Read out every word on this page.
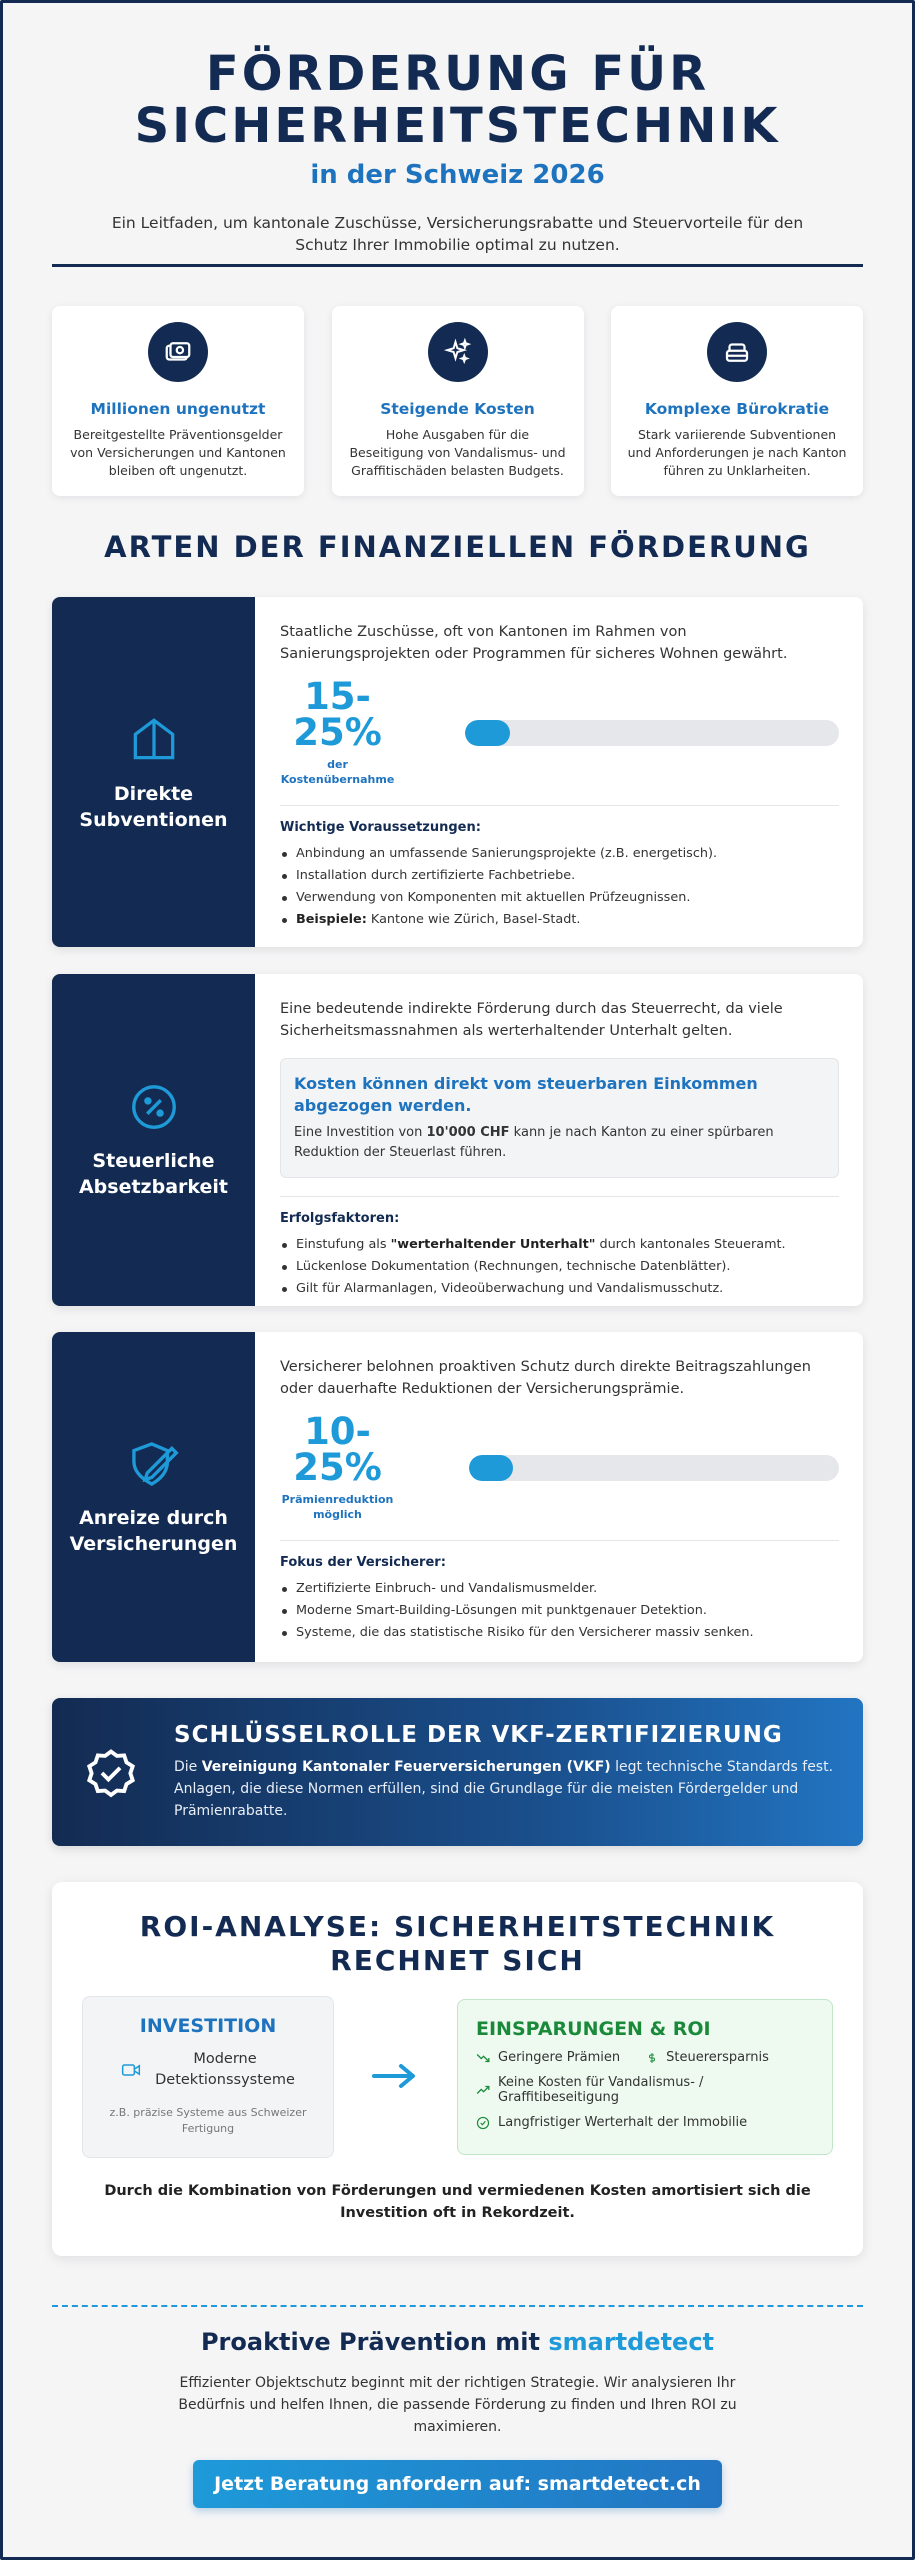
FÖRDERUNG FÜR
SICHERHEITSTECHNIK
in der Schweiz 2026
Ein Leitfaden, um kantonale Zuschüsse, Versicherungsrabatte und Steuervorteile für den Schutz Ihrer Immobilie optimal zu nutzen.
Millionen ungenutzt
Bereitgestellte Präventionsgelder von Versicherungen und Kantonen bleiben oft ungenutzt.
Steigende Kosten
Hohe Ausgaben für die Beseitigung von Vandalismus- und Graffitischäden belasten Budgets.
Komplexe Bürokratie
Stark variierende Subventionen und Anforderungen je nach Kanton führen zu Unklarheiten.
ARTEN DER FINANZIELLEN FÖRDERUNG
Direkte
Subventionen
Staatliche Zuschüsse, oft von Kantonen im Rahmen von Sanierungsprojekten oder Programmen für sicheres Wohnen gewährt.
15-
25%
der
Kostenübernahme
Wichtige Voraussetzungen:
Anbindung an umfassende Sanierungsprojekte (z.B. energetisch).
Installation durch zertifizierte Fachbetriebe.
Verwendung von Komponenten mit aktuellen Prüfzeugnissen.
Beispiele: Kantone wie Zürich, Basel-Stadt.
Steuerliche
Absetzbarkeit
Eine bedeutende indirekte Förderung durch das Steuerrecht, da viele Sicherheitsmassnahmen als werterhaltender Unterhalt gelten.
Kosten können direkt vom steuerbaren Einkommen abgezogen werden.
Eine Investition von 10'000 CHF kann je nach Kanton zu einer spürbaren Reduktion der Steuerlast führen.
Erfolgsfaktoren:
Einstufung als "werterhaltender Unterhalt" durch kantonales Steueramt.
Lückenlose Dokumentation (Rechnungen, technische Datenblätter).
Gilt für Alarmanlagen, Videoüberwachung und Vandalismusschutz.
Anreize durch
Versicherungen
Versicherer belohnen proaktiven Schutz durch direkte Beitragszahlungen oder dauerhafte Reduktionen der Versicherungsprämie.
10-
25%
Prämienreduktion
möglich
Fokus der Versicherer:
Zertifizierte Einbruch- und Vandalismusmelder.
Moderne Smart-Building-Lösungen mit punktgenauer Detektion.
Systeme, die das statistische Risiko für den Versicherer massiv senken.
SCHLÜSSELROLLE DER VKF-ZERTIFIZIERUNG
Die Vereinigung Kantonaler Feuerversicherungen (VKF) legt technische Standards fest. Anlagen, die diese Normen erfüllen, sind die Grundlage für die meisten Fördergelder und Prämienrabatte.
ROI-ANALYSE: SICHERHEITSTECHNIK
RECHNET SICH
INVESTITION
Moderne
Detektionssysteme
z.B. präzise Systeme aus Schweizer
Fertigung
EINSPARUNGEN & ROI
Geringere Prämien	Steuerersparnis
Keine Kosten für Vandalismus- / Graffitibeseitigung
Langfristiger Werterhalt der Immobilie
Durch die Kombination von Förderungen und vermiedenen Kosten amortisiert sich die Investition oft in Rekordzeit.
Proaktive Prävention mit smartdetect
Effizienter Objektschutz beginnt mit der richtigen Strategie. Wir analysieren Ihr Bedürfnis und helfen Ihnen, die passende Förderung zu finden und Ihren ROI zu maximieren.
Jetzt Beratung anfordern auf: smartdetect.ch
